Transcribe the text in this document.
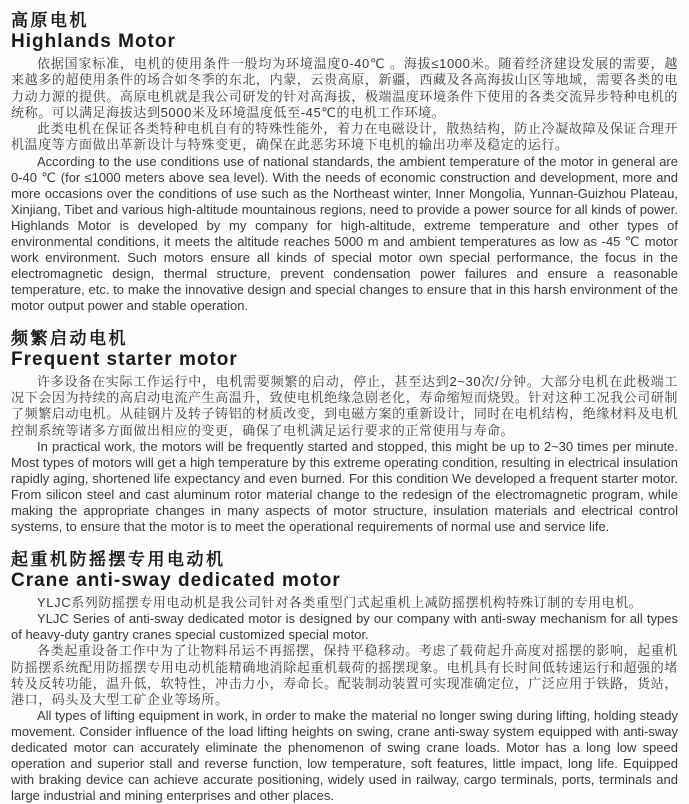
高原电机
Highlands Motor

依据国家标准，电机的使用条件一般均为环境温度0-40℃ 。海拔≤1000米。随着经济建设发展的需要，越来越多的超使用条件的场合如冬季的东北，内蒙，云贵高原，新疆，西藏及各高海拔山区等地域，需要各类的电力动力源的提供。高原电机就是我公司研发的针对高海拔，极端温度环境条件下使用的各类交流异步特种电机的统称。可以满足海拔达到5000米及环境温度低至-45℃的电机工作环境。

此类电机在保证各类特种电机自有的特殊性能外，着力在电磁设计，散热结构，防止冷凝故障及保证合理开机温度等方面做出革新设计与特殊变更，确保在此恶劣环境下电机的输出功率及稳定的运行。

According to the use conditions use of national standards, the ambient temperature of the motor in general are 0-40 ℃ (for ≤1000 meters above sea level). With the needs of economic construction and development, more and more occasions over the conditions of use such as the Northeast winter, Inner Mongolia, Yunnan-Guizhou Plateau, Xinjiang, Tibet and various high-altitude mountainous regions, need to provide a power source for all kinds of power. Highlands Motor is developed by my company for high-altitude, extreme temperature and other types of environmental conditions, it meets the altitude reaches 5000 m and ambient temperatures as low as -45 ℃ motor work environment. Such motors ensure all kinds of special motor own special performance, the focus in the electromagnetic design, thermal structure, prevent condensation power failures and ensure a reasonable temperature, etc. to make the innovative design and special changes to ensure that in this harsh environment of the motor output power and stable operation.

频繁启动电机
Frequent starter motor

许多设备在实际工作运行中，电机需要频繁的启动，停止，甚至达到2~30次/分钟。大部分电机在此极端工况下会因为持续的高启动电流产生高温升，致使电机绝缘急剧老化，寿命缩短而烧毁。针对这种工况我公司研制了频繁启动电机。从硅钢片及转子铸铝的材质改变，到电磁方案的重新设计，同时在电机结构，绝缘材料及电机控制系统等诸多方面做出相应的变更，确保了电机满足运行要求的正常使用与寿命。

In practical work, the motors will be frequently started and stopped, this might be up to 2~30 times per minute. Most types of motors will get a high temperature by this extreme operating condition, resulting in electrical insulation rapidly aging, shortened life expectancy and even burned. For this condition We developed a frequent starter motor. From silicon steel and cast aluminum rotor material change to the redesign of the electromagnetic program, while making the appropriate changes in many aspects of motor structure, insulation materials and electrical control systems, to ensure that the motor is to meet the operational requirements of normal use and service life.

起重机防摇摆专用电动机
Crane anti-sway dedicated motor

YLJC系列防摇摆专用电动机是我公司针对各类重型门式起重机上减防摇摆机构特殊订制的专用电机。

YLJC Series of anti-sway dedicated motor is designed by our company with anti-sway mechanism for all types of heavy-duty gantry cranes special customized special motor.

各类起重设备工作中为了让物料吊运不再摇摆，保持平稳移动。考虑了载荷起升高度对摇摆的影响，起重机防摇摆系统配用防摇摆专用电动机能精确地消除起重机载荷的摇摆现象。电机具有长时间低转速运行和超强的堵转及反转功能，温升低，软特性，冲击力小，寿命长。配装制动装置可实现准确定位，广泛应用于铁路，货站，港口，码头及大型工矿企业等场所。

All types of lifting equipment in work, in order to make the material no longer swing during lifting, holding steady movement. Consider influence of the load lifting heights on swing, crane anti-sway system equipped with anti-sway dedicated motor can accurately eliminate the phenomenon of swing crane loads. Motor has a long low speed operation and superior stall and reverse function, low temperature, soft features, little impact, long life. Equipped with braking device can achieve accurate positioning, widely used in railway, cargo terminals, ports, terminals and large industrial and mining enterprises and other places.
